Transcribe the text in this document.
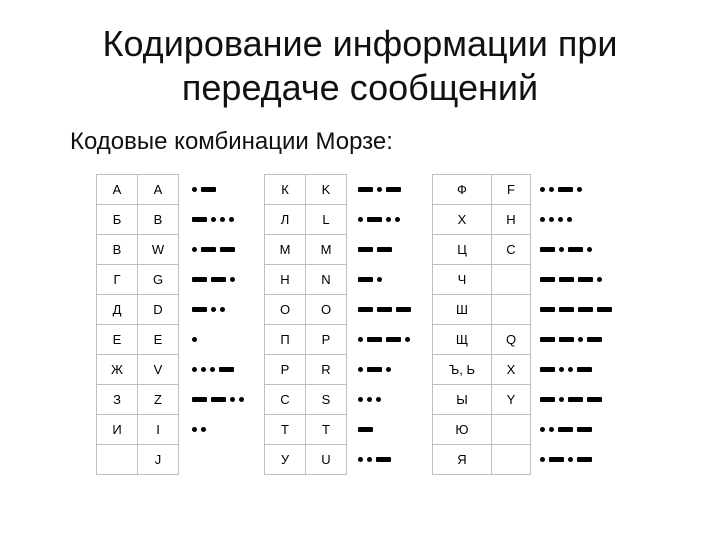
Кодирование информации при
передаче сообщений
Кодовые комбинации Морзе:
А	A
Б	B
В	W
Г	G
Д	D
Е	E
Ж	V
З	Z
И	I
	J
К	K
Л	L
М	M
Н	N
О	O
П	P
Р	R
С	S
Т	T
У	U
Ф	F
Х	H
Ц	C
Ч	
Ш	
Щ	Q
Ъ, Ь	X
Ы	Y
Ю	
Я	
